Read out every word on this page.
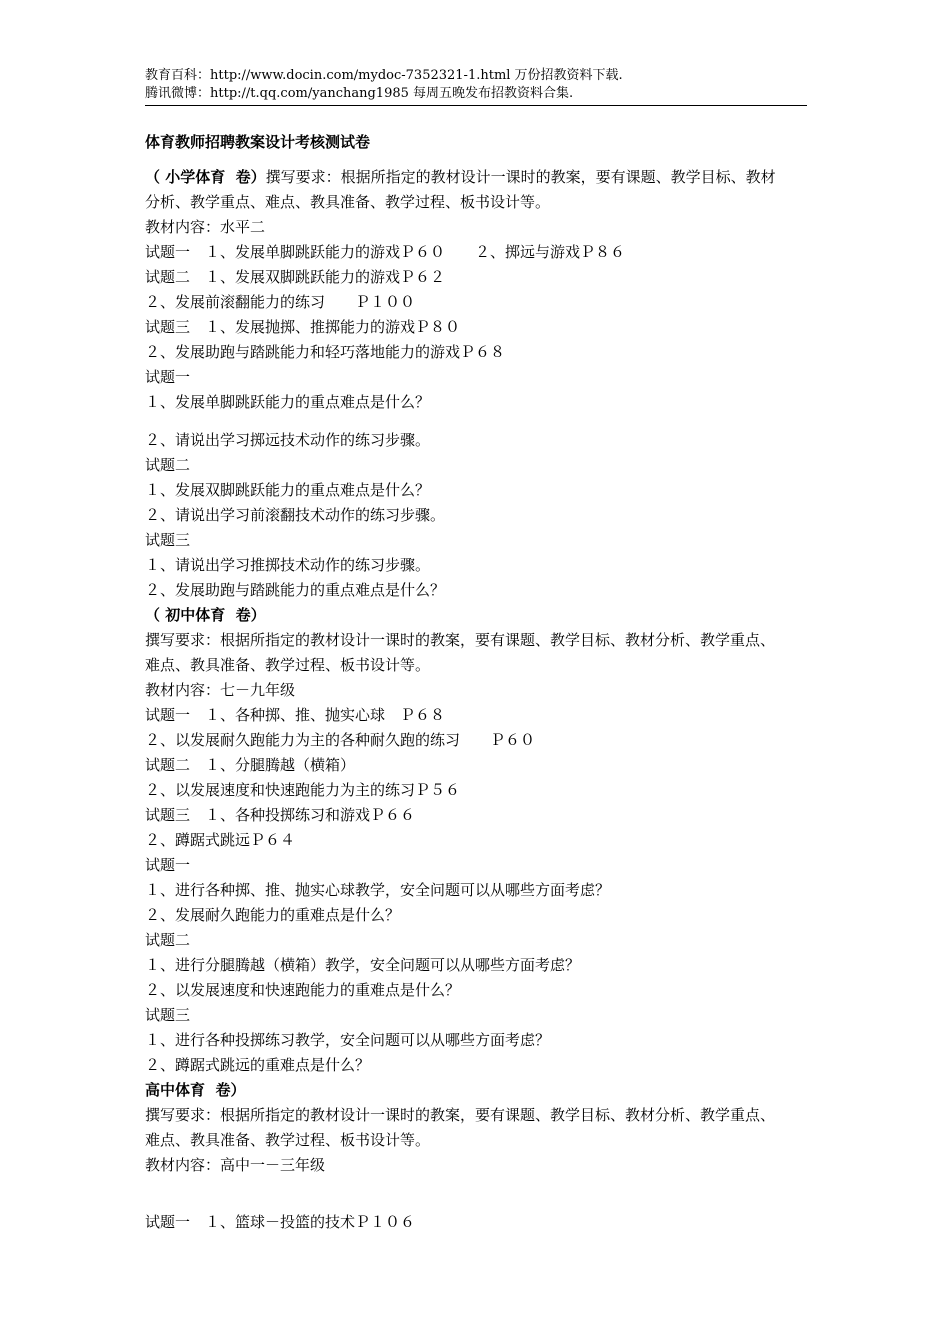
教育百科：http://www.docin.com/mydoc-7352321-1.html 万份招教资料下载.
腾讯微博：http://t.qq.com/yanchang1985 每周五晚发布招教资料合集.
体育教师招聘教案设计考核测试卷
（ 小学体育  卷）撰写要求：根据所指定的教材设计一课时的教案，要有课题、教学目标、教材
分析、教学重点、难点、教具准备、教学过程、板书设计等。
教材内容：水平二
试题一　１、发展单脚跳跃能力的游戏Ｐ６０　　２、掷远与游戏Ｐ８６
试题二　１、发展双脚跳跃能力的游戏Ｐ６２
２、发展前滚翻能力的练习　　Ｐ１００
试题三　１、发展抛掷、推掷能力的游戏Ｐ８０
２、发展助跑与踏跳能力和轻巧落地能力的游戏Ｐ６８
试题一
１、发展单脚跳跃能力的重点难点是什么？
２、请说出学习掷远技术动作的练习步骤。
试题二
１、发展双脚跳跃能力的重点难点是什么？
２、请说出学习前滚翻技术动作的练习步骤。
试题三
１、请说出学习推掷技术动作的练习步骤。
２、发展助跑与踏跳能力的重点难点是什么？
（ 初中体育  卷）
撰写要求：根据所指定的教材设计一课时的教案，要有课题、教学目标、教材分析、教学重点、
难点、教具准备、教学过程、板书设计等。
教材内容：七－九年级
试题一　１、各种掷、推、抛实心球　Ｐ６８
２、以发展耐久跑能力为主的各种耐久跑的练习　　Ｐ６０
试题二　１、分腿腾越（横箱）
２、以发展速度和快速跑能力为主的练习Ｐ５６
试题三　１、各种投掷练习和游戏Ｐ６６
２、蹲踞式跳远Ｐ６４
试题一
１、进行各种掷、推、抛实心球教学，安全问题可以从哪些方面考虑？
２、发展耐久跑能力的重难点是什么？
试题二
１、进行分腿腾越（横箱）教学，安全问题可以从哪些方面考虑？
２、以发展速度和快速跑能力的重难点是什么？
试题三
１、进行各种投掷练习教学，安全问题可以从哪些方面考虑？
２、蹲踞式跳远的重难点是什么？
高中体育  卷）
撰写要求：根据所指定的教材设计一课时的教案，要有课题、教学目标、教材分析、教学重点、
难点、教具准备、教学过程、板书设计等。
教材内容：高中一－三年级
试题一　１、篮球－投篮的技术Ｐ１０６
